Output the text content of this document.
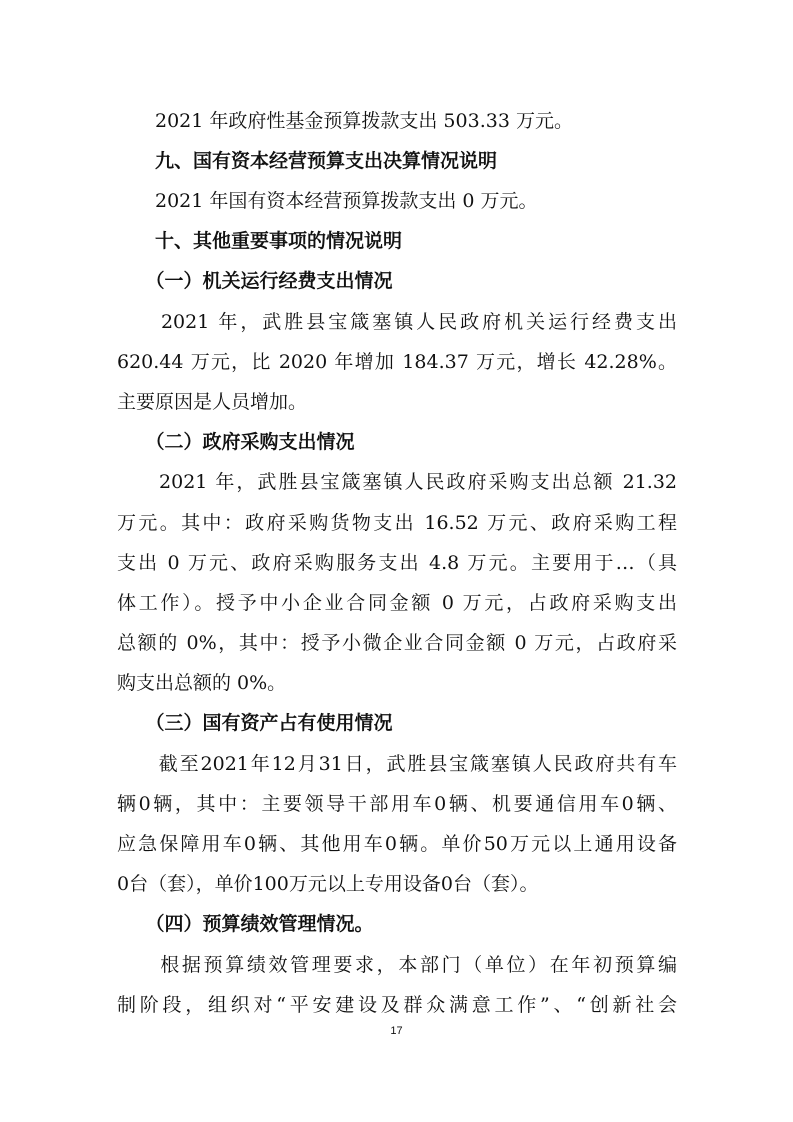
　　2021 年政府性基金预算拨款支出 503.33 万元。
　　九、国有资本经营预算支出决算情况说明
　　2021 年国有资本经营预算拨款支出 0 万元。
　　十、其他重要事项的情况说明
　　（一）机关运行经费支出情况
　　2021 年，武胜县宝箴塞镇人民政府机关运行经费支出
620.44 万元，比 2020 年增加 184.37 万元，增长 42.28%。
主要原因是人员增加。
　　（二）政府采购支出情况
　　2021 年，武胜县宝箴塞镇人民政府采购支出总额 21.32
万元。其中：政府采购货物支出 16.52 万元、政府采购工程
支出 0 万元、政府采购服务支出 4.8 万元。主要用于…（具
体工作）。授予中小企业合同金额 0 万元，占政府采购支出
总额的 0%，其中：授予小微企业合同金额 0 万元，占政府采
购支出总额的 0%。
　　（三）国有资产占有使用情况
　　截至2021年12月31日，武胜县宝箴塞镇人民政府共有车
辆0辆，其中：主要领导干部用车0辆、机要通信用车0辆、
应急保障用车0辆、其他用车0辆。单价50万元以上通用设备
0台（套），单价100万元以上专用设备0台（套）。
　　（四）预算绩效管理情况。
　　根据预算绩效管理要求，本部门（单位）在年初预算编
制阶段，组织对“平安建设及群众满意工作”、“创新社会
17
